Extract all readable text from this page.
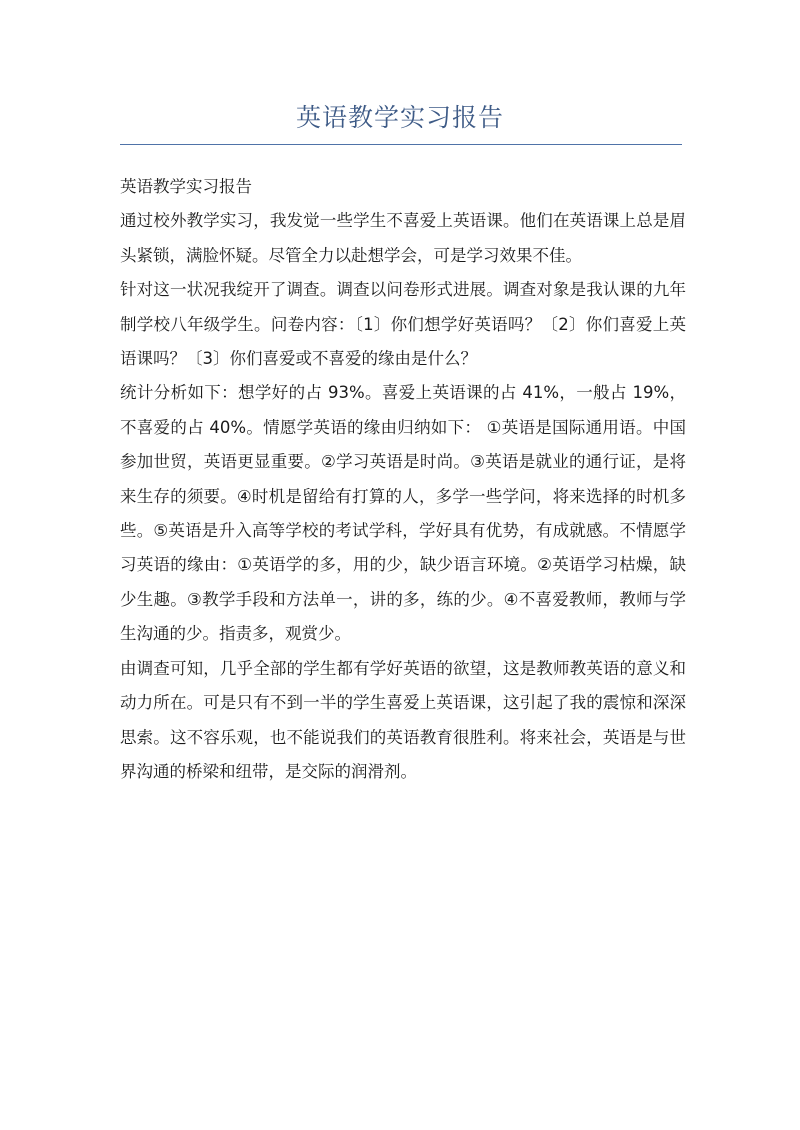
英语教学实习报告

英语教学实习报告

通过校外教学实习，我发觉一些学生不喜爱上英语课。他们在英语课上总是眉头紧锁，满脸怀疑。尽管全力以赴想学会，可是学习效果不佳。

针对这一状况我绽开了调查。调查以问卷形式进展。调查对象是我认课的九年制学校八年级学生。问卷内容：〔1〕你们想学好英语吗？〔2〕你们喜爱上英语课吗？〔3〕你们喜爱或不喜爱的缘由是什么？

统计分析如下：想学好的占 93%。喜爱上英语课的占 41%，一般占 19%，不喜爱的占 40%。情愿学英语的缘由归纳如下： ①英语是国际通用语。中国参加世贸，英语更显重要。②学习英语是时尚。③英语是就业的通行证，是将来生存的须要。④时机是留给有打算的人，多学一些学问，将来选择的时机多些。⑤英语是升入高等学校的考试学科，学好具有优势，有成就感。不情愿学习英语的缘由：①英语学的多，用的少，缺少语言环境。②英语学习枯燥，缺少生趣。③教学手段和方法单一，讲的多，练的少。④不喜爱教师，教师与学生沟通的少。指责多，观赏少。

由调查可知，几乎全部的学生都有学好英语的欲望，这是教师教英语的意义和动力所在。可是只有不到一半的学生喜爱上英语课，这引起了我的震惊和深深思索。这不容乐观，也不能说我们的英语教育很胜利。将来社会，英语是与世界沟通的桥梁和纽带，是交际的润滑剂。
